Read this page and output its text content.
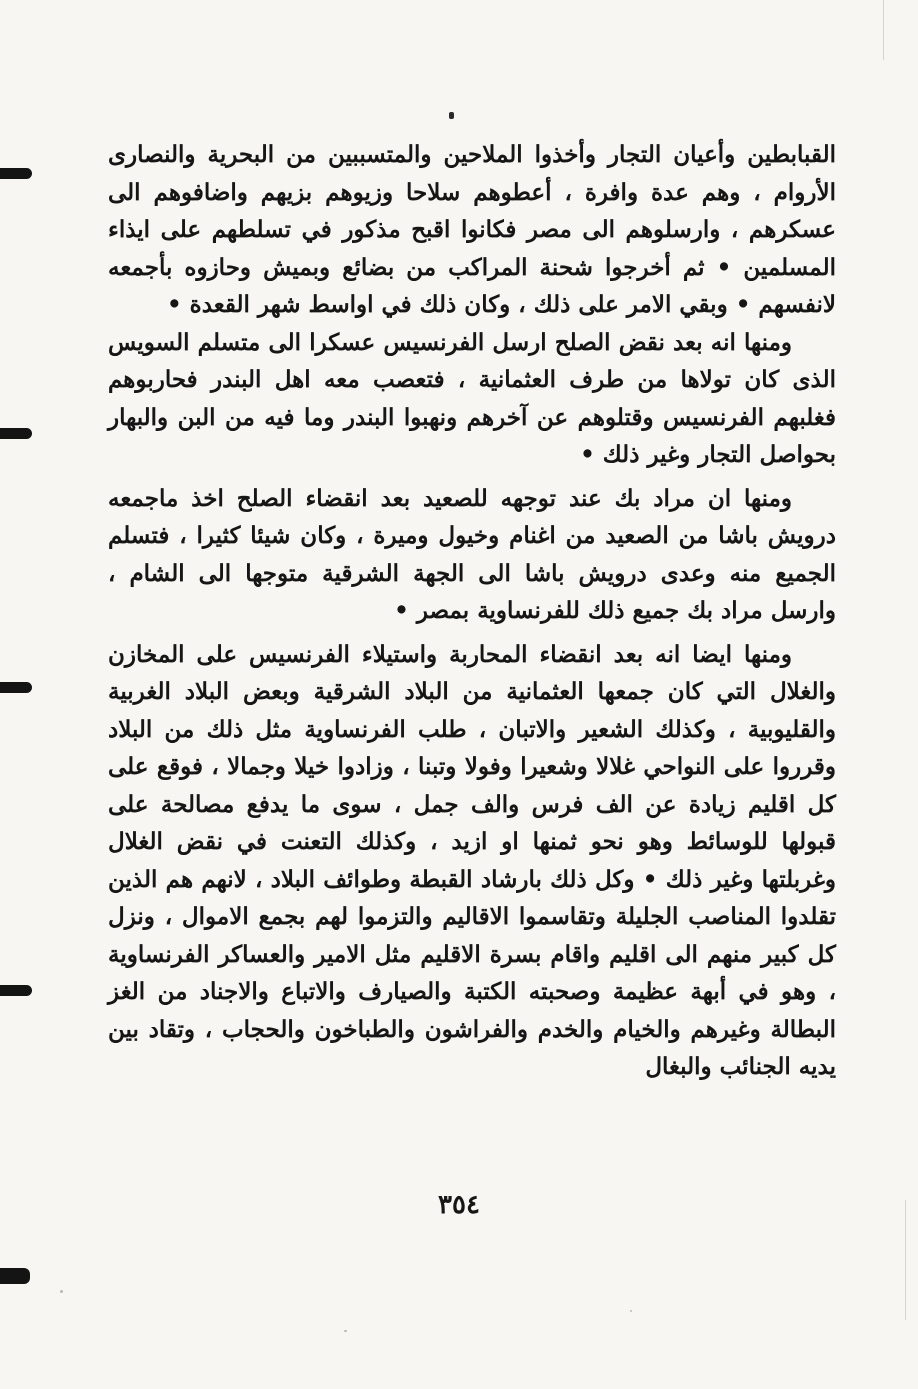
القبابطين وأعيان التجار وأخذوا الملاحين والمتسببين من البحرية والنصارى الأروام ، وهم عدة وافرة ، أعطوهم سلاحا وزيوهم بزيهم واضافوهم الى عسكرهم ، وارسلوهم الى مصر فكانوا اقبح مذكور في تسلطهم على ايذاء المسلمين • ثم أخرجوا شحنة المراكب من بضائع وبميش وحازوه بأجمعه لانفسهم • وبقي الامر على ذلك ، وكان ذلك في اواسط شهر القعدة •

ومنها انه بعد نقض الصلح ارسل الفرنسيس عسكرا الى متسلم السويس الذى كان تولاها من طرف العثمانية ، فتعصب معه اهل البندر فحاربوهم فغلبهم الفرنسيس وقتلوهم عن آخرهم ونهبوا البندر وما فيه من البن والبهار بحواصل التجار وغير ذلك •

ومنها ان مراد بك عند توجهه للصعيد بعد انقضاء الصلح اخذ ماجمعه درويش باشا من الصعيد من اغنام وخيول وميرة ، وكان شيئا كثيرا ، فتسلم الجميع منه وعدى درويش باشا الى الجهة الشرقية متوجها الى الشام ، وارسل مراد بك جميع ذلك للفرنساوية بمصر •

ومنها ايضا انه بعد انقضاء المحاربة واستيلاء الفرنسيس على المخازن والغلال التي كان جمعها العثمانية من البلاد الشرقية وبعض البلاد الغربية والقليوبية ، وكذلك الشعير والاتبان ، طلب الفرنساوية مثل ذلك من البلاد وقرروا على النواحي غلالا وشعيرا وفولا وتبنا ، وزادوا خيلا وجمالا ، فوقع على كل اقليم زيادة عن الف فرس والف جمل ، سوى ما يدفع مصالحة على قبولها للوسائط وهو نحو ثمنها او ازيد ، وكذلك التعنت في نقض الغلال وغربلتها وغير ذلك • وكل ذلك بارشاد القبطة وطوائف البلاد ، لانهم هم الذين تقلدوا المناصب الجليلة وتقاسموا الاقاليم والتزموا لهم بجمع الاموال ، ونزل كل كبير منهم الى اقليم واقام بسرة الاقليم مثل الامير والعساكر الفرنساوية ، وهو في أبهة عظيمة وصحبته الكتبة والصيارف والاتباع والاجناد من الغز البطالة وغيرهم والخيام والخدم والفراشون والطباخون والحجاب ، وتقاد بين يديه الجنائب والبغال

٣٥٤
